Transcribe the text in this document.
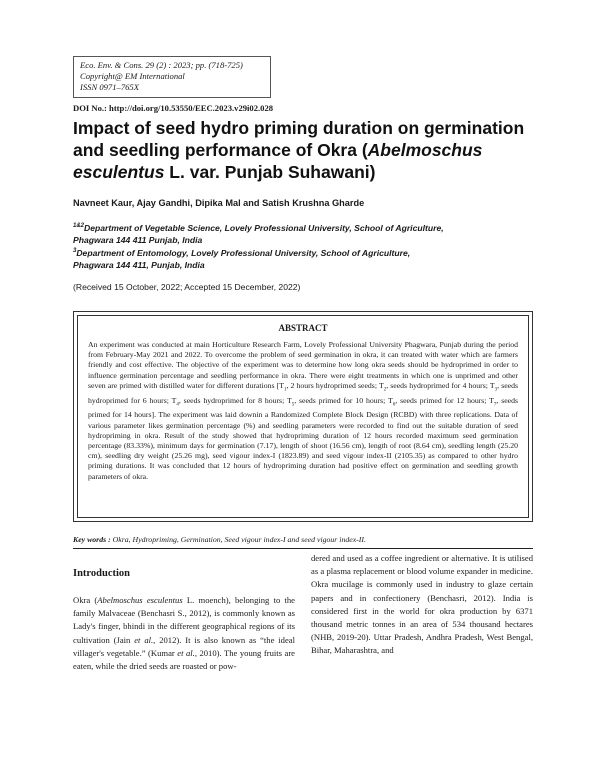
Eco. Env. & Cons. 29 (2) : 2023; pp. (718-725)
Copyright@ EM International
ISSN 0971–765X
DOI No.: http://doi.org/10.53550/EEC.2023.v29i02.028
Impact of seed hydro priming duration on germination and seedling performance of Okra (Abelmoschus esculentus L. var. Punjab Suhawani)
Navneet Kaur, Ajay Gandhi, Dipika Mal and Satish Krushna Gharde
$^{1\&2}$Department of Vegetable Science, Lovely Professional University, School of Agriculture,
Phagwara 144 411 Punjab, India
$^3$Department of Entomology, Lovely Professional University, School of Agriculture,
Phagwara 144 411, Punjab, India
(Received 15 October, 2022; Accepted 15 December, 2022)
ABSTRACT
An experiment was conducted at main Horticulture Research Farm, Lovely Professional University Phagwara, Punjab during the period from February-May 2021 and 2022. To overcome the problem of seed germination in okra, it can treated with water which are farmers friendly and cost effective. The objective of the experiment was to determine how long okra seeds should be hydroprimed in order to influence germination percentage and seedling performance in okra. There were eight treatments in which one is unprimed and other seven are primed with distilled water for different durations [$T_1$, 2 hours hydroprimed seeds; $T_2$, seeds hydroprimed for 4 hours; $T_3$, seeds hydroprimed for 6 hours; $T_4$, seeds hydroprimed for 8 hours; $T_5$, seeds primed for 10 hours; $T_6$, seeds primed for 12 hours; $T_7$, seeds primed for 14 hours]. The experiment was laid downin a Randomized Complete Block Design (RCBD) with three replications. Data of various parameter likes germination percentage (%) and seedling parameters were recorded to find out the suitable duration of seed hydropriming in okra. Result of the study showed that hydropriming duration of 12 hours recorded maximum seed germination percentage (83.33%), minimum days for germination (7.17), length of shoot (16.56 cm), length of root (8.64 cm), seedling length (25.20 cm), seedling dry weight (25.26 mg), seed vigour index-I (1823.89) and seed vigour index-II (2105.35) as compared to other hydro priming durations. It was concluded that 12 hours of hydropriming duration had positive effect on germination and seedling growth parameters of okra.
Key words : Okra, Hydropriming, Germination, Seed vigour index-I and seed vigour index-II.
Introduction
Okra (Abelmoschus esculentus L. moench), belonging to the family Malvaceae (Benchasri S., 2012), is commonly known as Lady's finger, bhindi in the different geographical regions of its cultivation (Jain et al., 2012). It is also known as “the ideal villager's vegetable.” (Kumar et al., 2010). The young fruits are eaten, while the dried seeds are roasted or pow-
dered and used as a coffee ingredient or alternative. It is utilised as a plasma replacement or blood volume expander in medicine. Okra mucilage is commonly used in industry to glaze certain papers and in confectionery (Benchasri, 2012). India is considered first in the world for okra production by 6371 thousand metric tonnes in an area of 534 thousand hectares (NHB, 2019-20). Uttar Pradesh, Andhra Pradesh, West Bengal, Bihar, Maharashtra, and
